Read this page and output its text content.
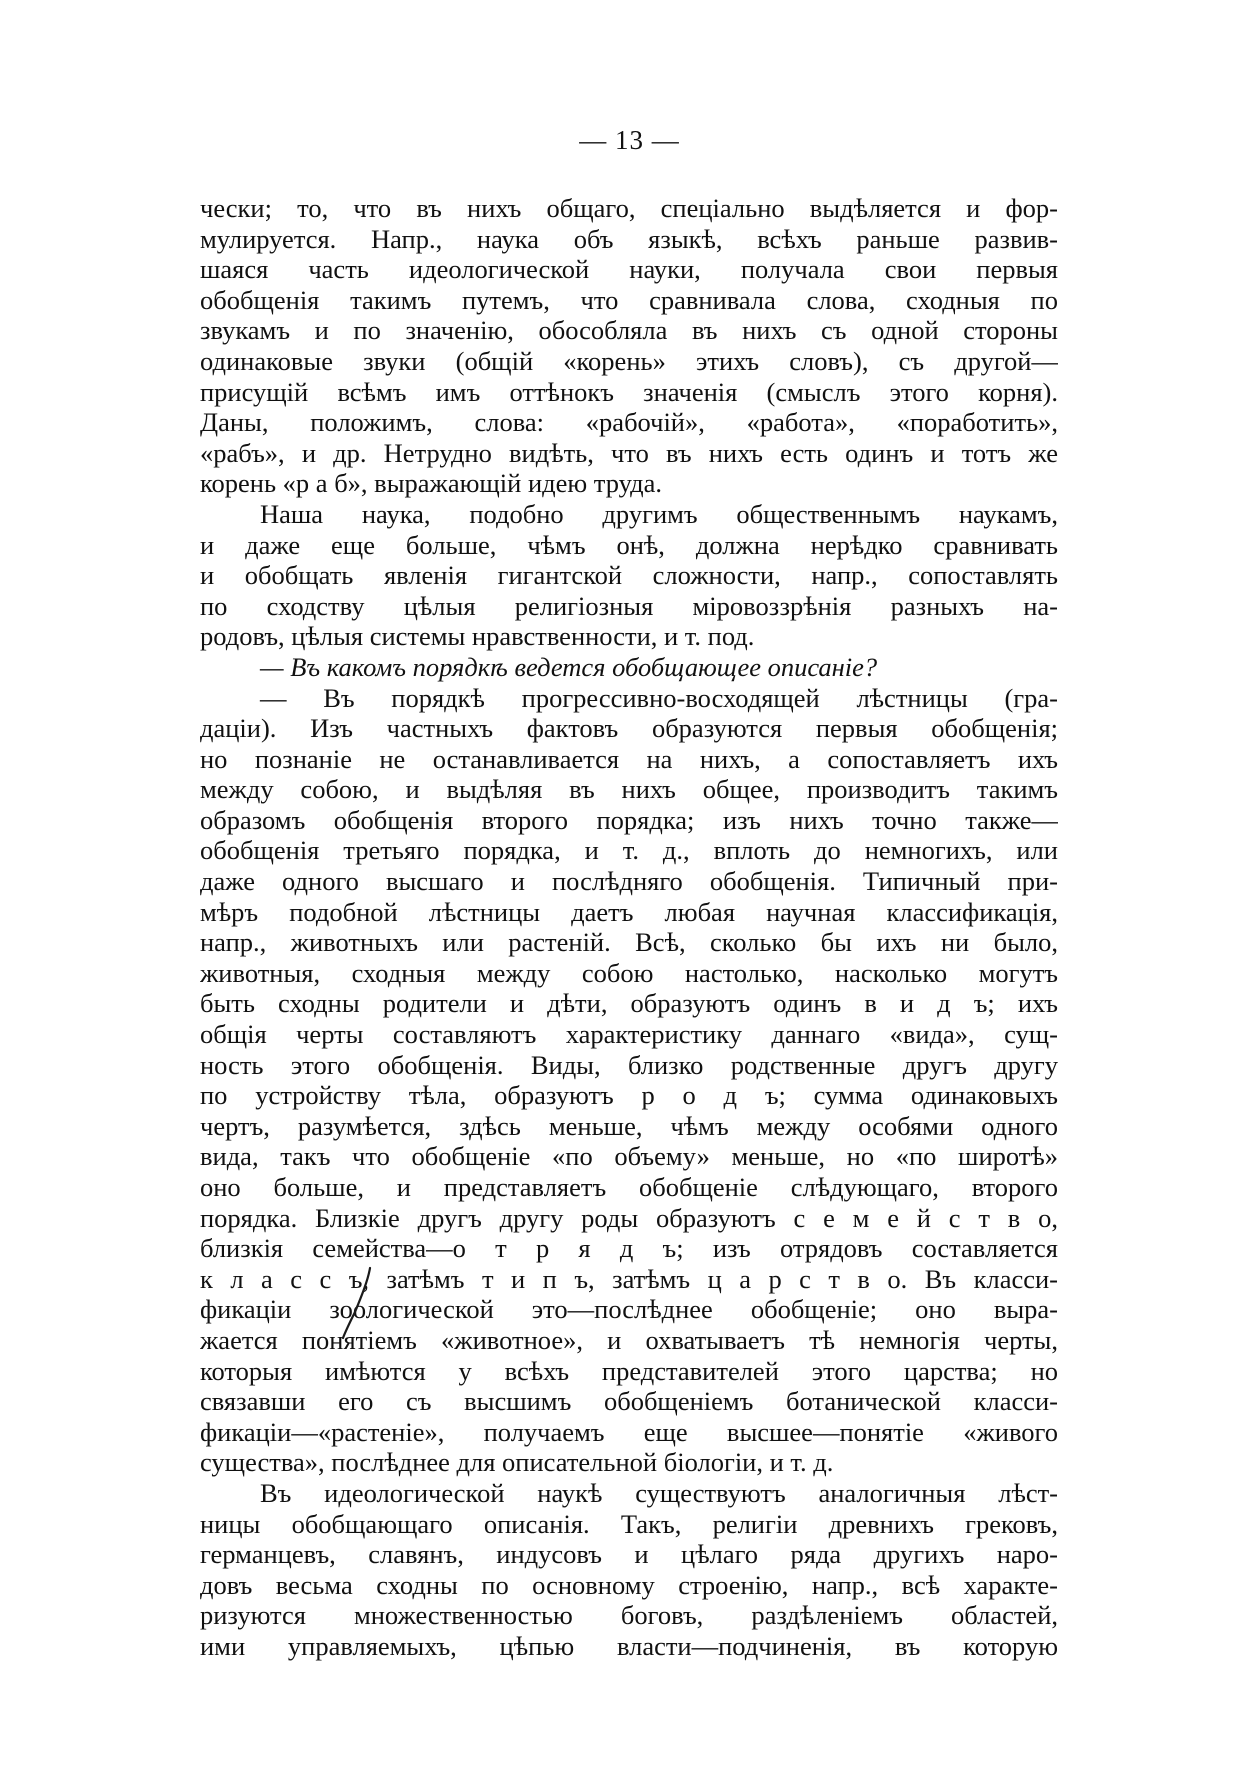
— 13 —
чески; то, что въ нихъ общаго, спеціально выдѣляется и фор-
мулируется. Напр., наука объ языкѣ, всѣхъ раньше развив-
шаяся часть идеологической науки, получала свои первыя
обобщенія такимъ путемъ, что сравнивала слова, сходныя по
звукамъ и по значенію, обособляла въ нихъ съ одной стороны
одинаковые звуки (общій «корень» этихъ словъ), съ другой—
присущій всѣмъ имъ оттѣнокъ значенія (смыслъ этого корня).
Даны, положимъ, слова: «рабочій», «работа», «поработить»,
«рабъ», и др. Нетрудно видѣть, что въ нихъ есть одинъ и тотъ же
корень «р а б», выражающій идею труда.
Наша наука, подобно другимъ общественнымъ наукамъ,
и даже еще больше, чѣмъ онѣ, должна нерѣдко сравнивать
и обобщать явленія гигантской сложности, напр., сопоставлять
по сходству цѣлыя религіозныя міровоззрѣнія разныхъ на-
родовъ, цѣлыя системы нравственности, и т. под.
— Въ какомъ порядкѣ ведется обобщающее описаніе?
— Въ порядкѣ прогрессивно-восходящей лѣстницы (гра-
даціи). Изъ частныхъ фактовъ образуются первыя обобщенія;
но познаніе не останавливается на нихъ, а сопоставляетъ ихъ
между собою, и выдѣляя въ нихъ общее, производитъ такимъ
образомъ обобщенія второго порядка; изъ нихъ точно также—
обобщенія третьяго порядка, и т. д., вплоть до немногихъ, или
даже одного высшаго и послѣдняго обобщенія. Типичный при-
мѣръ подобной лѣстницы даетъ любая научная классификація,
напр., животныхъ или растеній. Всѣ, сколько бы ихъ ни было,
животныя, сходныя между собою настолько, насколько могутъ
быть сходны родители и дѣти, образуютъ одинъ в и д ъ; ихъ
общія черты составляютъ характеристику даннаго «вида», сущ-
ность этого обобщенія. Виды, близко родственные другъ другу
по устройству тѣла, образуютъ р о д ъ; сумма одинаковыхъ
чертъ, разумѣется, здѣсь меньше, чѣмъ между особями одного
вида, такъ что обобщеніе «по объему» меньше, но «по широтѣ»
оно больше, и представляетъ обобщеніе слѣдующаго, второго
порядка. Близкіе другъ другу роды образуютъ с е м е й с т в о,
близкія семейства—о т р я д ъ; изъ отрядовъ составляется
к л а с с ъ, затѣмъ т и п ъ, затѣмъ ц а р с т в о. Въ класси-
фикаціи зоологической это—послѣднее обобщеніе; оно выра-
жается понятіемъ «животное», и охватываетъ тѣ немногія черты,
которыя имѣются у всѣхъ представителей этого царства; но
связавши его съ высшимъ обобщеніемъ ботанической класси-
фикаціи—«растеніе», получаемъ еще высшее—понятіе «живого
существа», послѣднее для описательной біологіи, и т. д.
Въ идеологической наукѣ существуютъ аналогичныя лѣст-
ницы обобщающаго описанія. Такъ, религіи древнихъ грековъ,
германцевъ, славянъ, индусовъ и цѣлаго ряда другихъ наро-
довъ весьма сходны по основному строенію, напр., всѣ характе-
ризуются множественностью боговъ, раздѣленіемъ областей,
ими управляемыхъ, цѣпью власти—подчиненія, въ которую
